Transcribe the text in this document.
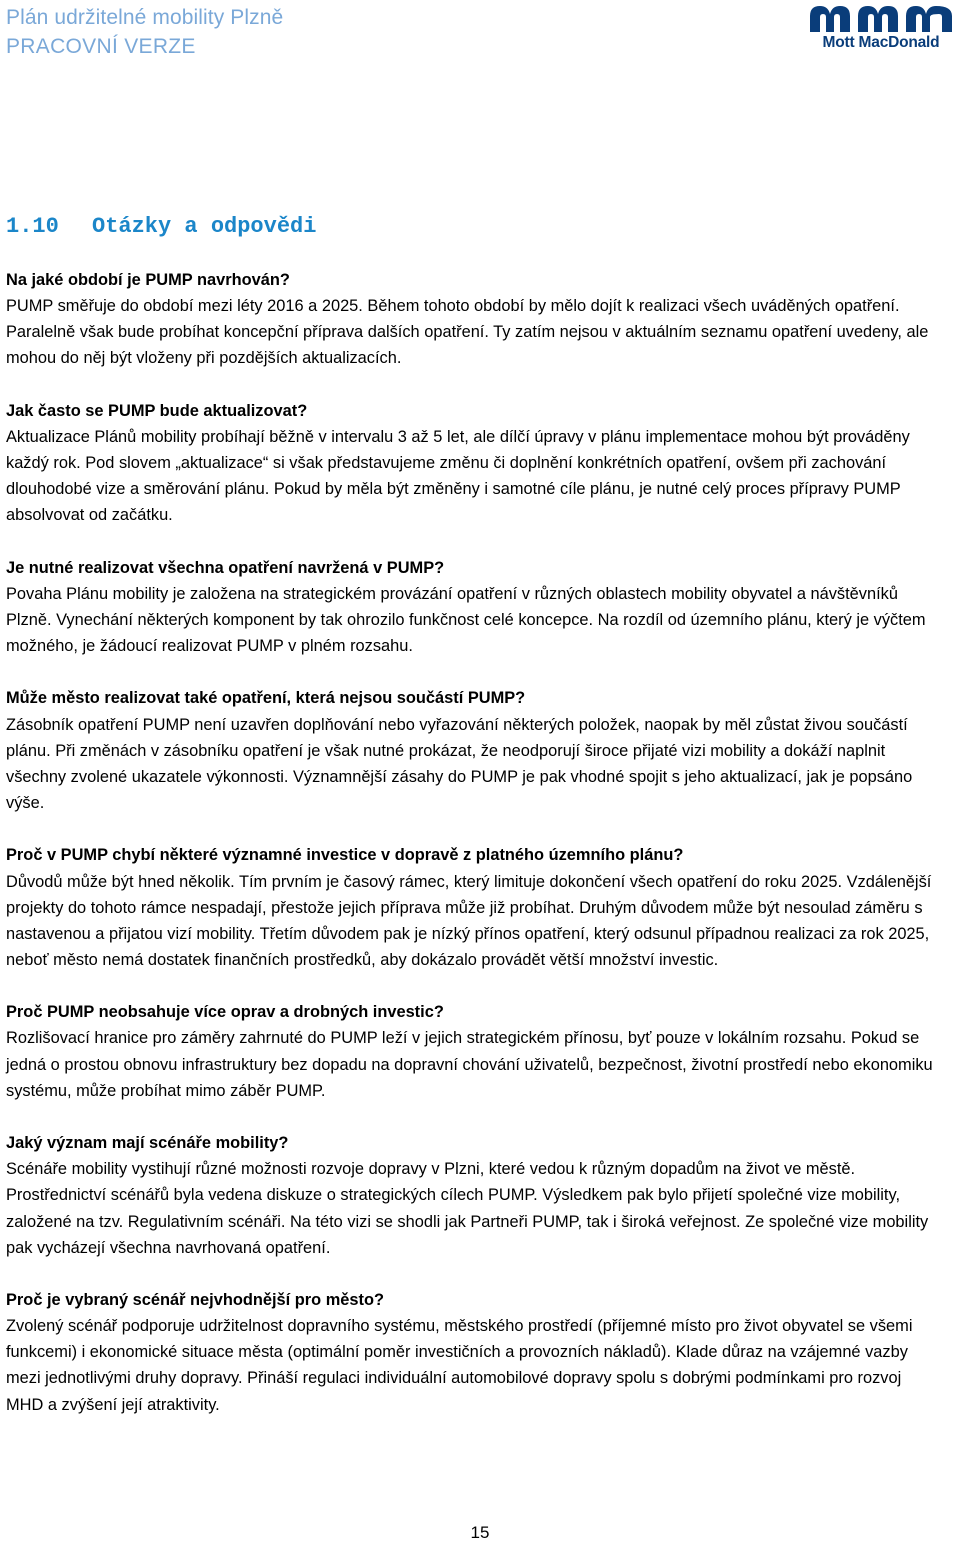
Plán udržitelné mobility Plzně
PRACOVNÍ VERZE	Mott MacDonald
1.10 Otázky a odpovědi
Na jaké období je PUMP navrhován?
PUMP směřuje do období mezi léty 2016 a 2025. Během tohoto období by mělo dojít k realizaci všech uváděných opatření. Paralelně však bude probíhat koncepční příprava dalších opatření. Ty zatím nejsou v aktuálním seznamu opatření uvedeny, ale mohou do něj být vloženy při pozdějších aktualizacích.
Jak často se PUMP bude aktualizovat?
Aktualizace Plánů mobility probíhají běžně v intervalu 3 až 5 let, ale dílčí úpravy v plánu implementace mohou být prováděny každý rok. Pod slovem „aktualizace“ si však představujeme změnu či doplnění konkrétních opatření, ovšem při zachování dlouhodobé vize a směrování plánu. Pokud by měla být změněny i samotné cíle plánu, je nutné celý proces přípravy PUMP absolvovat od začátku.
Je nutné realizovat všechna opatření navržená v PUMP?
Povaha Plánu mobility je založena na strategickém provázání opatření v různých oblastech mobility obyvatel a návštěvníků Plzně. Vynechání některých komponent by tak ohrozilo funkčnost celé koncepce. Na rozdíl od územního plánu, který je výčtem možného, je žádoucí realizovat PUMP v plném rozsahu.
Může město realizovat také opatření, která nejsou součástí PUMP?
Zásobník opatření PUMP není uzavřen doplňování nebo vyřazování některých položek, naopak by měl zůstat živou součástí plánu. Při změnách v zásobníku opatření je však nutné prokázat, že neodporují široce přijaté vizi mobility a dokáží naplnit všechny zvolené ukazatele výkonnosti. Významnější zásahy do PUMP je pak vhodné spojit s jeho aktualizací, jak je popsáno výše.
Proč v PUMP chybí některé významné investice v dopravě z platného územního plánu?
Důvodů může být hned několik. Tím prvním je časový rámec, který limituje dokončení všech opatření do roku 2025. Vzdálenější projekty do tohoto rámce nespadají, přestože jejich příprava může již probíhat. Druhým důvodem může být nesoulad záměru s nastavenou a přijatou vizí mobility. Třetím důvodem pak je nízký přínos opatření, který odsunul případnou realizaci za rok 2025, neboť město nemá dostatek finančních prostředků, aby dokázalo provádět větší množství investic.
Proč PUMP neobsahuje více oprav a drobných investic?
Rozlišovací hranice pro záměry zahrnuté do PUMP leží v jejich strategickém přínosu, byť pouze v lokálním rozsahu. Pokud se jedná o prostou obnovu infrastruktury bez dopadu na dopravní chování uživatelů, bezpečnost, životní prostředí nebo ekonomiku systému, může probíhat mimo záběr PUMP.
Jaký význam mají scénáře mobility?
Scénáře mobility vystihují různé možnosti rozvoje dopravy v Plzni, které vedou k různým dopadům na život ve městě. Prostřednictví scénářů byla vedena diskuze o strategických cílech PUMP. Výsledkem pak bylo přijetí společné vize mobility, založené na tzv. Regulativním scénáři. Na této vizi se shodli jak Partneři PUMP, tak i široká veřejnost. Ze společné vize mobility pak vycházejí všechna navrhovaná opatření.
Proč je vybraný scénář nejvhodnější pro město?
Zvolený scénář podporuje udržitelnost dopravního systému, městského prostředí (příjemné místo pro život obyvatel se všemi funkcemi) i ekonomické situace města (optimální poměr investičních a provozních nákladů). Klade důraz na vzájemné vazby mezi jednotlivými druhy dopravy. Přináší regulaci individuální automobilové dopravy spolu s dobrými podmínkami pro rozvoj MHD a zvýšení její atraktivity.
15
